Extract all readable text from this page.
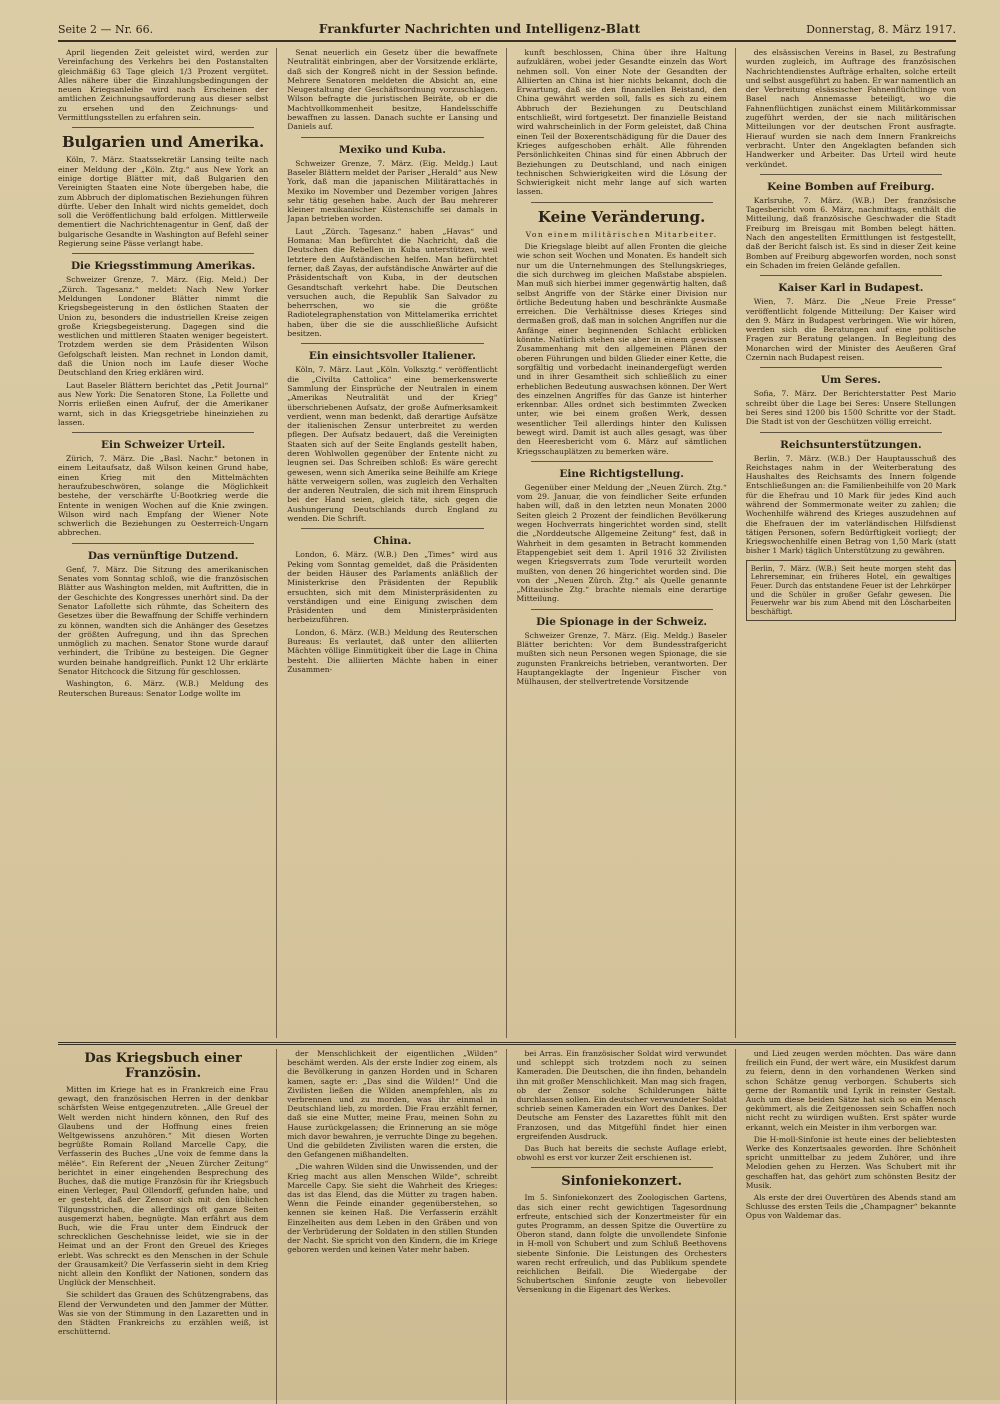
Seite 2 — Nr. 66.	Frankfurter Nachrichten und Intelligenz-Blatt	Donnerstag, 8. März 1917.

April liegenden Zeit geleistet wird, werden zur Vereinfachung des Verkehrs bei den Postanstalten gleichmäßig 63 Tage gleich 1/3 Prozent vergütet. Alles nähere über die Einzahlungsbedingungen der neuen Kriegsanleihe wird nach Erscheinen der amtlichen Zeichnungsaufforderung aus dieser selbst zu ersehen und den Zeichnungs- und Vermittlungsstellen zu erfahren sein.

Bulgarien und Amerika.

Köln, 7. März. Staatssekretär Lansing teilte nach einer Meldung der „Köln. Ztg.“ aus New York an einige dortige Blätter mit, daß Bulgarien den Vereinigten Staaten eine Note übergeben habe, die zum Abbruch der diplomatischen Beziehungen führen dürfte. Ueber den Inhalt wird nichts gemeldet, doch soll die Veröffentlichung bald erfolgen. Mittlerweile dementiert die Nachrichtenagentur in Genf, daß der bulgarische Gesandte in Washington auf Befehl seiner Regierung seine Pässe verlangt habe.

Die Kriegsstimmung Amerikas.

Schweizer Grenze, 7. März. (Eig. Meld.) Der „Zürch. Tagesanz.“ meldet: Nach New Yorker Meldungen Londoner Blätter nimmt die Kriegsbegeisterung in den östlichen Staaten der Union zu, besonders die industriellen Kreise zeigen große Kriegsbegeisterung. Dagegen sind die westlichen und mittleren Staaten weniger begeistert. Trotzdem werden sie dem Präsidenten Wilson Gefolgschaft leisten. Man rechnet in London damit, daß die Union noch im Laufe dieser Woche Deutschland den Krieg erklären wird.

Laut Baseler Blättern berichtet das „Petit Journal“ aus New York: Die Senatoren Stone, La Follette und Norris erließen einen Aufruf, der die Amerikaner warnt, sich in das Kriegsgetriebe hineinziehen zu lassen.

Ein Schweizer Urteil.

Zürich, 7. März. Die „Basl. Nachr.“ betonen in einem Leitaufsatz, daß Wilson keinen Grund habe, einen Krieg mit den Mittelmächten heraufzubeschwören, solange die Möglichkeit bestehe, der verschärfte U-Bootkrieg werde die Entente in wenigen Wochen auf die Knie zwingen. Wilson wird nach Empfang der Wiener Note schwerlich die Beziehungen zu Oesterreich-Ungarn abbrechen.

Das vernünftige Dutzend.

Genf, 7. März. Die Sitzung des amerikanischen Senates vom Sonntag schloß, wie die französischen Blätter aus Washington melden, mit Auftritten, die in der Geschichte des Kongresses unerhört sind. Da der Senator Lafollette sich rühmte, das Scheitern des Gesetzes über die Bewaffnung der Schiffe verhindern zu können, wandten sich die Anhänger des Gesetzes der größten Aufregung, und ihn das Sprechen unmöglich zu machen. Senator Stone wurde darauf verhindert, die Tribüne zu besteigen. Die Gegner wurden beinahe handgreiflich. Punkt 12 Uhr erklärte Senator Hitchcock die Sitzung für geschlossen.

Washington, 6. März. (W.B.) Meldung des Reuterschen Bureaus: Senator Lodge wollte im

Senat neuerlich ein Gesetz über die bewaffnete Neutralität einbringen, aber der Vorsitzende erklärte, daß sich der Kongreß nicht in der Session befinde. Mehrere Senatoren meldeten die Absicht an, eine Neugestaltung der Geschäftsordnung vorzuschlagen. Wilson befragte die juristischen Beiräte, ob er die Machtvollkommenheit besitze, Handelsschiffe bewaffnen zu lassen. Danach suchte er Lansing und Daniels auf.

Mexiko und Kuba.

Schweizer Grenze, 7. März. (Eig. Meldg.) Laut Baseler Blättern meldet der Pariser „Herald“ aus New York, daß man die japanischen Militärattachés in Mexiko im November und Dezember vorigen Jahres sehr tätig gesehen habe. Auch der Bau mehrerer kleiner mexikanischer Küstenschiffe sei damals in Japan betrieben worden.

Laut „Zürch. Tagesanz.“ haben „Havas“ und Homana: Man befürchtet die Nachricht, daß die Deutschen die Rebellen in Kuba unterstützen, weil letztere den Aufständischen helfen. Man befürchtet ferner, daß Zayas, der aufständische Anwärter auf die Präsidentschaft von Kuba, in der deutschen Gesandtschaft verkehrt habe. Die Deutschen versuchen auch, die Republik San Salvador zu beherrschen, wo sie die größte Radiotelegraphenstation von Mittelamerika errichtet haben, über die sie die ausschließliche Aufsicht besitzen.

Ein einsichtsvoller Italiener.

Köln, 7. März. Laut „Köln. Volksztg.“ veröffentlicht die „Civilta Cattolica“ eine bemerkenswerte Sammlung der Einsprüche der Neutralen in einem „Amerikas Neutralität und der Krieg“ überschriebenen Aufsatz, der große Aufmerksamkeit verdient, wenn man bedenkt, daß derartige Aufsätze der italienischen Zensur unterbreitet zu werden pflegen. Der Aufsatz bedauert, daß die Vereinigten Staaten sich auf der Seite Englands gestellt haben, deren Wohlwollen gegenüber der Entente nicht zu leugnen sei. Das Schreiben schloß: Es wäre gerecht gewesen, wenn sich Amerika seine Beihilfe am Kriege hätte verweigern sollen, was zugleich den Verhalten der anderen Neutralen, die sich mit ihrem Einspruch bei der Hand seien, gleich täte, sich gegen die Aushungerung Deutschlands durch England zu wenden. Die Schrift.

China.

London, 6. März. (W.B.) Den „Times“ wird aus Peking vom Sonntag gemeldet, daß die Präsidenten der beiden Häuser des Parlaments anläßlich der Ministerkrise den Präsidenten der Republik ersuchten, sich mit dem Ministerpräsidenten zu verständigen und eine Einigung zwischen dem Präsidenten und dem Ministerpräsidenten herbeizuführen.

London, 6. März. (W.B.) Meldung des Reuterschen Bureaus: Es verlautet, daß unter den alliierten Mächten völlige Einmütigkeit über die Lage in China besteht. Die alliierten Mächte haben in einer Zusammen-

kunft beschlossen, China über ihre Haltung aufzuklären, wobei jeder Gesandte einzeln das Wort nehmen soll. Von einer Note der Gesandten der Alliierten an China ist hier nichts bekannt, doch die Erwartung, daß sie den finanziellen Beistand, den China gewährt werden soll, falls es sich zu einem Abbruch der Beziehungen zu Deutschland entschließt, wird fortgesetzt. Der finanzielle Beistand wird wahrscheinlich in der Form geleistet, daß China einen Teil der Boxerentschädigung für die Dauer des Krieges aufgeschoben erhält. Alle führenden Persönlichkeiten Chinas sind für einen Abbruch der Beziehungen zu Deutschland, und nach einigen technischen Schwierigkeiten wird die Lösung der Schwierigkeit nicht mehr lange auf sich warten lassen.

Keine Veränderung.

Von einem militärischen Mitarbeiter.

Die Kriegslage bleibt auf allen Fronten die gleiche wie schon seit Wochen und Monaten. Es handelt sich nur um die Unternehmungen des Stellungskrieges, die sich durchweg im gleichen Maßstabe abspielen. Man muß sich hierbei immer gegenwärtig halten, daß selbst Angriffe von der Stärke einer Division nur örtliche Bedeutung haben und beschränkte Ausmaße erreichen. Die Verhältnisse dieses Krieges sind dermaßen groß, daß man in solchen Angriffen nur die Anfänge einer beginnenden Schlacht erblicken könnte. Natürlich stehen sie aber in einem gewissen Zusammenhang mit den allgemeinen Plänen der oberen Führungen und bilden Glieder einer Kette, die sorgfältig und vorbedacht ineinandergefügt werden und in ihrer Gesamtheit sich schließlich zu einer erheblichen Bedeutung auswachsen können. Der Wert des einzelnen Angriffes für das Ganze ist hinterher erkennbar. Alles ordnet sich bestimmten Zwecken unter, wie bei einem großen Werk, dessen wesentlicher Teil allerdings hinter den Kulissen bewegt wird. Damit ist auch alles gesagt, was über den Heeresbericht vom 6. März auf sämtlichen Kriegsschauplätzen zu bemerken wäre.

Eine Richtigstellung.

Gegenüber einer Meldung der „Neuen Zürch. Ztg.“ vom 29. Januar, die von feindlicher Seite erfunden haben will, daß in den letzten neun Monaten 2000 Seiten gleich 2 Prozent der feindlichen Bevölkerung wegen Hochverrats hingerichtet worden sind, stellt die „Norddeutsche Allgemeine Zeitung“ fest, daß in Wahrheit in dem gesamten in Betracht kommenden Etappengebiet seit dem 1. April 1916 32 Zivilisten wegen Kriegsverrats zum Tode verurteilt worden mußten, von denen 26 hingerichtet worden sind. Die von der „Neuen Zürch. Ztg.“ als Quelle genannte „Mitauische Ztg.“ brachte niemals eine derartige Mitteilung.

Die Spionage in der Schweiz.

Schweizer Grenze, 7. März. (Eig. Meldg.) Baseler Blätter berichten: Vor dem Bundesstrafgericht mußten sich neun Personen wegen Spionage, die sie zugunsten Frankreichs betrieben, verantworten. Der Hauptangeklagte der Ingenieur Fischer von Mülhausen, der stellvertretende Vorsitzende

des elsässischen Vereins in Basel, zu Bestrafung wurden zugleich, im Auftrage des französischen Nachrichtendienstes Aufträge erhalten, solche erteilt und selbst ausgeführt zu haben. Er war namentlich an der Verbreitung elsässischer Fahnenflüchtlinge von Basel nach Annemasse beteiligt, wo die Fahnenflüchtigen zunächst einem Militärkommissar zugeführt werden, der sie nach militärischen Mitteilungen vor der deutschen Front ausfragte. Hierauf wurden sie nach dem Innern Frankreichs verbracht. Unter den Angeklagten befanden sich Handwerker und Arbeiter. Das Urteil wird heute verkündet.

Keine Bomben auf Freiburg.

Karlsruhe, 7. März. (W.B.) Der französische Tagesbericht vom 6. März, nachmittags, enthält die Mitteilung, daß französische Geschwader die Stadt Freiburg im Breisgau mit Bomben belegt hätten. Nach den angestellten Ermittlungen ist festgestellt, daß der Bericht falsch ist. Es sind in dieser Zeit keine Bomben auf Freiburg abgeworfen worden, noch sonst ein Schaden im freien Gelände gefallen.

Kaiser Karl in Budapest.

Wien, 7. März. Die „Neue Freie Presse“ veröffentlicht folgende Mitteilung: Der Kaiser wird den 9. März in Budapest verbringen. Wie wir hören, werden sich die Beratungen auf eine politische Fragen zur Beratung gelangen. In Begleitung des Monarchen wird der Minister des Aeußeren Graf Czernin nach Budapest reisen.

Um Seres.

Sofia, 7. März. Der Berichterstatter Pest Mario schreibt über die Lage bei Seres: Unsere Stellungen bei Seres sind 1200 bis 1500 Schritte vor der Stadt. Die Stadt ist von der Geschützen völlig erreicht.

Reichsunterstützungen.

Berlin, 7. März. (W.B.) Der Hauptausschuß des Reichstages nahm in der Weiterberatung des Haushaltes des Reichsamts des Innern folgende Entschließungen an: die Familienbeihilfe von 20 Mark für die Ehefrau und 10 Mark für jedes Kind auch während der Sommermonate weiter zu zahlen; die Wochenhilfe während des Krieges auszudehnen auf die Ehefrauen der im vaterländischen Hilfsdienst tätigen Personen, sofern Bedürftigkeit vorliegt; der Kriegswochenhilfe einen Betrag von 1,50 Mark (statt bisher 1 Mark) täglich Unterstützung zu gewähren.

Berlin, 7. März. (W.B.) Seit heute morgen steht das Lehrerseminar, ein früheres Hotel, ein gewaltiges Feuer. Durch das entstandene Feuer ist der Lehrkörper und die Schüler in großer Gefahr gewesen. Die Feuerwehr war bis zum Abend mit den Löscharbeiten beschäftigt.
Das Kriegsbuch einer Französin.

Mitten im Kriege hat es in Frankreich eine Frau gewagt, den französischen Herren in der denkbar schärfsten Weise entgegenzutreten. „Alle Greuel der Welt werden nicht hindern können, den Ruf des Glaubens und der Hoffnung eines freien Weltgewissens anzuhören.“ Mit diesen Worten begrüßte Romain Rolland Marcelle Capy, die Verfasserin des Buches „Une voix de femme dans la mêlée“. Ein Referent der „Neuen Zürcher Zeitung“ berichtet in einer eingehenden Besprechung des Buches, daß die mutige Französin für ihr Kriegsbuch einen Verleger, Paul Ollendorff, gefunden habe, und er gesteht, daß der Zensor sich mit den üblichen Tilgungsstrichen, die allerdings oft ganze Seiten ausgemerzt haben, begnügte. Man erfährt aus dem Buch, wie die Frau unter dem Eindruck der schrecklichen Geschehnisse leidet, wie sie in der Heimat und an der Front den Greuel des Krieges erlebt. Was schreckt es den Menschen in der Schule der Grausamkeit? Die Verfasserin sieht in dem Krieg nicht allein den Konflikt der Nationen, sondern das Unglück der Menschheit.

Sie schildert das Grauen des Schützengrabens, das Elend der Verwundeten und den Jammer der Mütter. Was sie von der Stimmung in den Lazaretten und in den Städten Frankreichs zu erzählen weiß, ist erschütternd.

der Menschlichkeit der eigentlichen „Wilden“ beschämt werden. Als der erste Indier zog einem, als die Bevölkerung in ganzen Horden und in Scharen kamen, sagte er: „Das sind die Wilden!“ Und die Zivilisten ließen die Wilden anempfehlen, als zu verbrennen und zu morden, was ihr einmal in Deutschland lieb, zu morden. Die Frau erzählt ferner, daß sie eine Mutter, meine Frau, meinen Sohn zu Hause zurückgelassen; die Erinnerung an sie möge mich davor bewahren, je verruchte Dinge zu begehen. Und die gebildeten Zivilisten waren die ersten, die den Gefangenen mißhandelten.

„Die wahren Wilden sind die Unwissenden, und der Krieg macht aus allen Menschen Wilde“, schreibt Marcelle Capy. Sie sieht die Wahrheit des Krieges: das ist das Elend, das die Mütter zu tragen haben. Wenn die Feinde einander gegenüberstehen, so kennen sie keinen Haß. Die Verfasserin erzählt Einzelheiten aus dem Leben in den Gräben und von der Verbrüderung der Soldaten in den stillen Stunden der Nacht. Sie spricht von den Kindern, die im Kriege geboren werden und keinen Vater mehr haben.

bei Arras. Ein französischer Soldat wird verwundet und schleppt sich trotzdem noch zu seinen Kameraden. Die Deutschen, die ihn finden, behandeln ihn mit großer Menschlichkeit. Man mag sich fragen, ob der Zensor solche Schilderungen hätte durchlassen sollen. Ein deutscher verwundeter Soldat schrieb seinen Kameraden ein Wort des Dankes. Der Deutsche am Fenster des Lazarettes fühlt mit den Franzosen, und das Mitgefühl findet hier einen ergreifenden Ausdruck.

Das Buch hat bereits die sechste Auflage erlebt, obwohl es erst vor kurzer Zeit erschienen ist.

Sinfoniekonzert.

Im 5. Sinfoniekonzert des Zoologischen Gartens, das sich einer recht gewichtigen Tagesordnung erfreute, entschied sich der Konzertmeister für ein gutes Programm, an dessen Spitze die Ouvertüre zu Oberon stand, dann folgte die unvollendete Sinfonie in H-moll von Schubert und zum Schluß Beethovens siebente Sinfonie. Die Leistungen des Orchesters waren recht erfreulich, und das Publikum spendete reichlichen Beifall. Die Wiedergabe der Schubertschen Sinfonie zeugte von liebevoller Versenkung in die Eigenart des Werkes.

und Lied zeugen werden möchten. Das wäre dann freilich ein Fund, der wert wäre, ein Musikfest darum zu feiern, denn in den vorhandenen Werken sind schon Schätze genug verborgen. Schuberts sich gerne der Romantik und Lyrik in reinster Gestalt. Auch um diese beiden Sätze hat sich so ein Mensch gekümmert, als die Zeitgenossen sein Schaffen noch nicht recht zu würdigen wußten. Erst später wurde erkannt, welch ein Meister in ihm verborgen war.

Die H-moll-Sinfonie ist heute eines der beliebtesten Werke des Konzertsaales geworden. Ihre Schönheit spricht unmittelbar zu jedem Zuhörer, und ihre Melodien gehen zu Herzen. Was Schubert mit ihr geschaffen hat, das gehört zum schönsten Besitz der Musik.

Als erste der drei Ouvertüren des Abends stand am Schlusse des ersten Teils die „Champagner“ bekannte Opus von Waldemar das.
